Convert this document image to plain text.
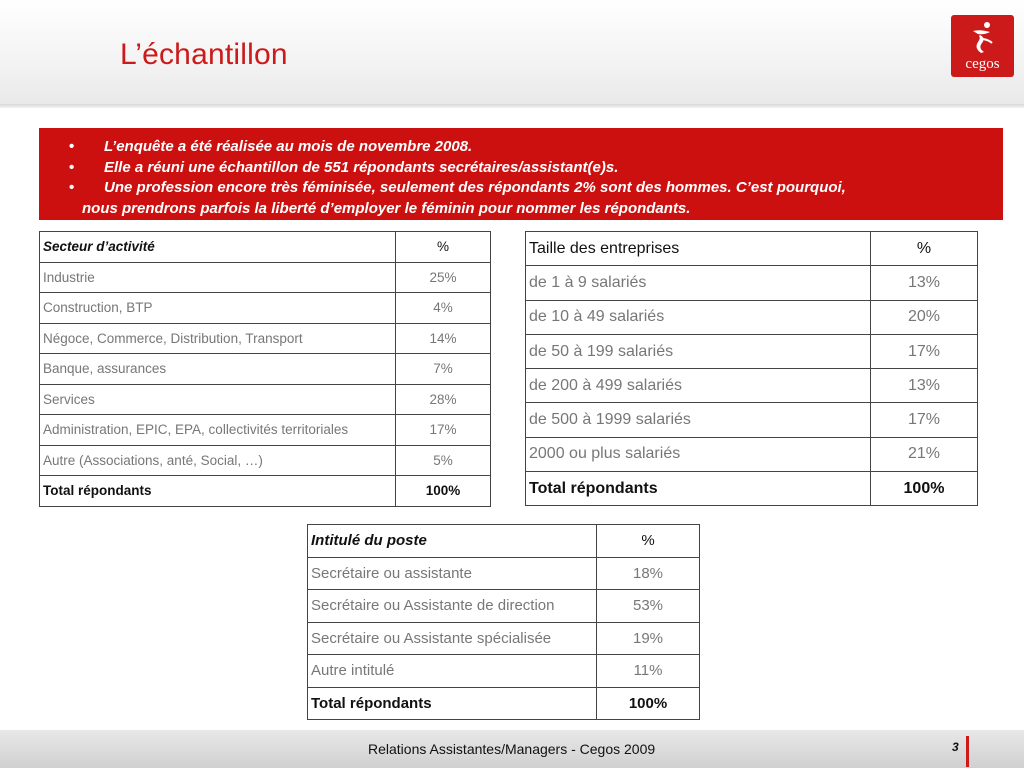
L’échantillon	cegos
• L’enquête a été réalisée au mois de novembre 2008.
• Elle a réuni une échantillon de 551 répondants secrétaires/assistant(e)s.
• Une profession encore très féminisée, seulement des répondants 2% sont des hommes. C’est pourquoi,
nous prendrons parfois la liberté d’employer le féminin pour nommer les répondants.
Secteur d’activité	%
Industrie	25%
Construction, BTP	4%
Négoce, Commerce, Distribution, Transport	14%
Banque, assurances	7%
Services	28%
Administration, EPIC, EPA, collectivités territoriales	17%
Autre (Associations, anté, Social, …)	5%
Total répondants	100%
Taille des entreprises	%
de 1 à 9 salariés	13%
de 10 à 49 salariés	20%
de 50 à 199 salariés	17%
de 200 à 499 salariés	13%
de 500 à 1999 salariés	17%
2000 ou plus salariés	21%
Total répondants	100%
Intitulé du poste	%
Secrétaire ou assistante	18%
Secrétaire ou Assistante de direction	53%
Secrétaire ou Assistante spécialisée	19%
Autre intitulé	11%
Total répondants	100%
Relations Assistantes/Managers - Cegos 2009	3
